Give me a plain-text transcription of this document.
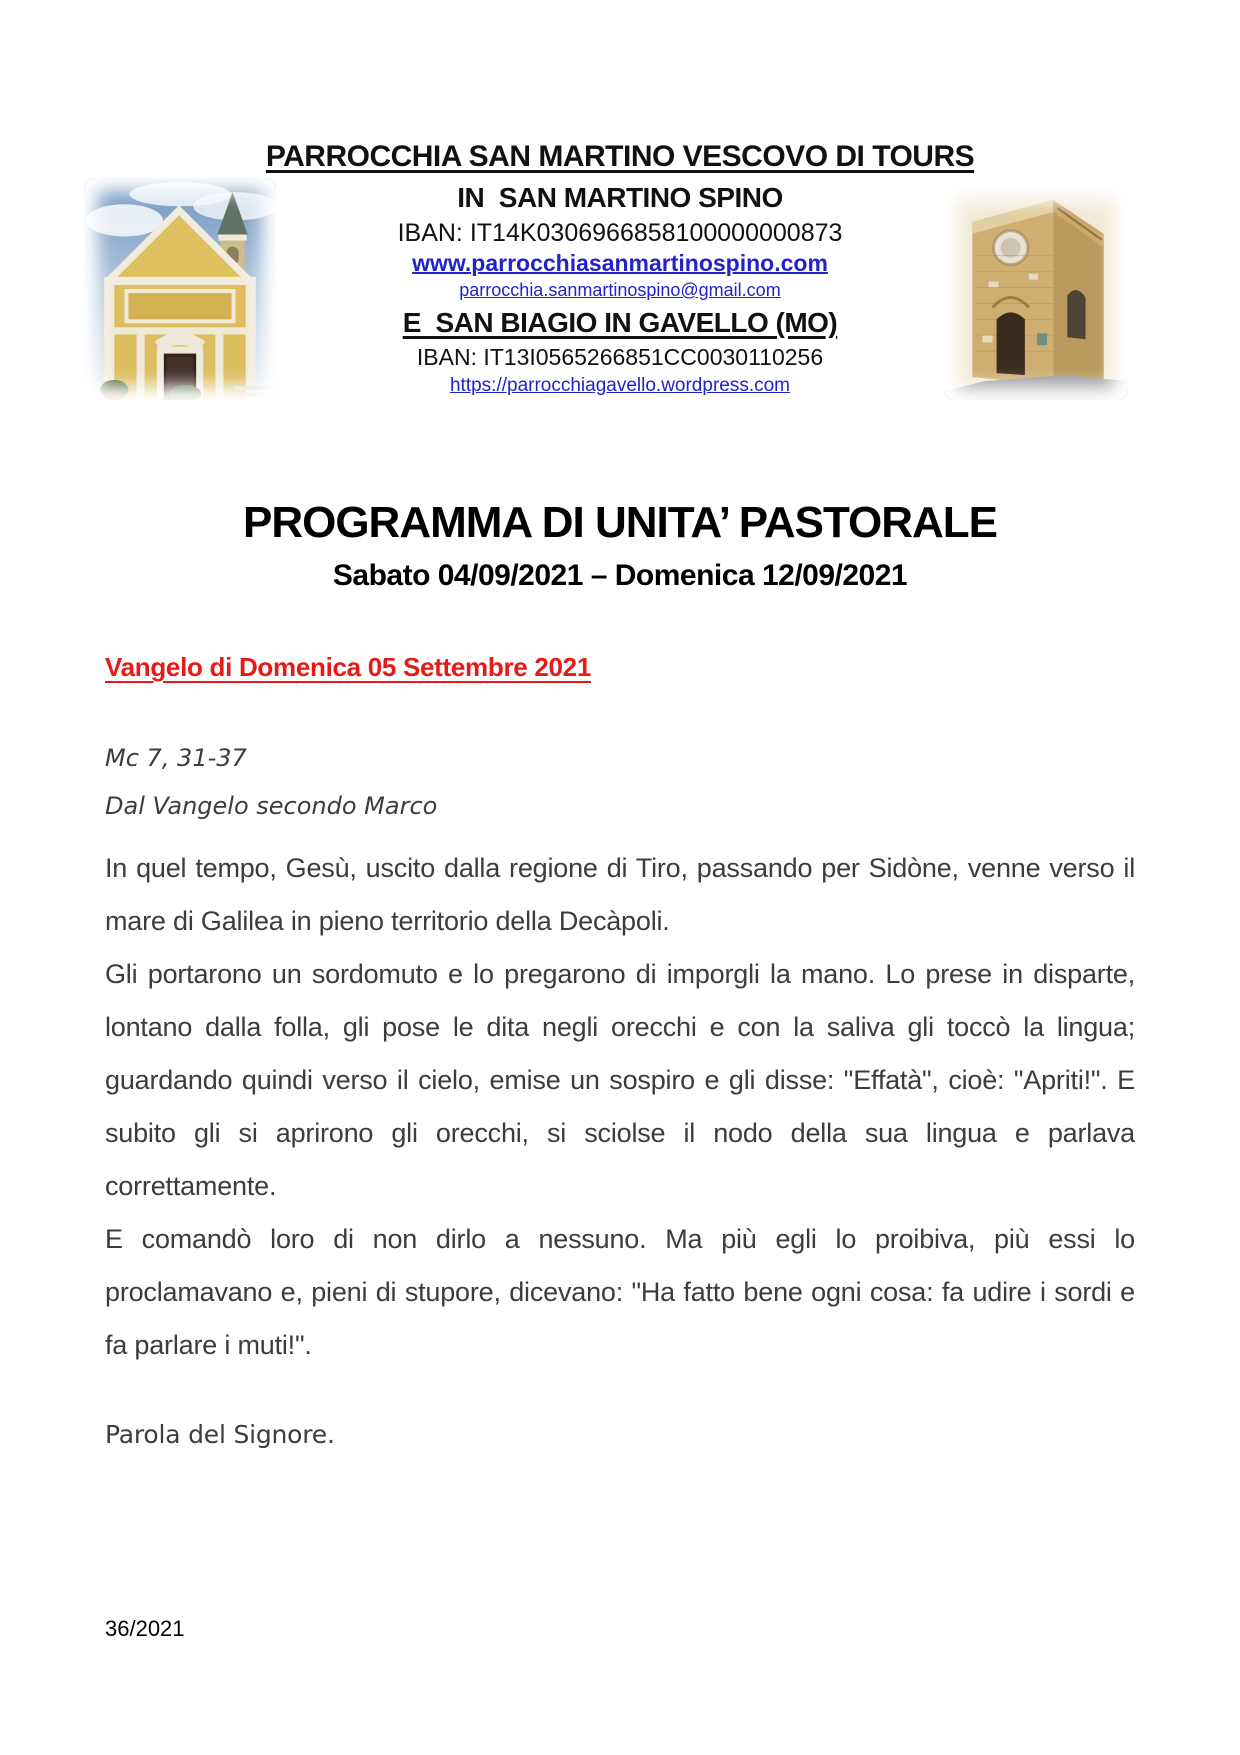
PARROCCHIA SAN MARTINO VESCOVO DI TOURS
IN  SAN MARTINO SPINO
IBAN: IT14K0306966858100000000873
www.parrocchiasanmartinospino.com
parrocchia.sanmartinospino@gmail.com
E  SAN BIAGIO IN GAVELLO (MO)
IBAN: IT13I0565266851CC0030110256
https://parrocchiagavello.wordpress.com
PROGRAMMA DI UNITA’ PASTORALE
Sabato 04/09/2021 – Domenica 12/09/2021
Vangelo di Domenica 05 Settembre 2021
Mc 7, 31-37
Dal Vangelo secondo Marco

In quel tempo, Gesù, uscito dalla regione di Tiro, passando per Sidòne, venne verso il mare di Galilea in pieno territorio della Decàpoli.

Gli portarono un sordomuto e lo pregarono di imporgli la mano. Lo prese in disparte, lontano dalla folla, gli pose le dita negli orecchi e con la saliva gli toccò la lingua; guardando quindi verso il cielo, emise un sospiro e gli disse: "Effatà", cioè: "Apriti!". E subito gli si aprirono gli orecchi, si sciolse il nodo della sua lingua e parlava correttamente.

E comandò loro di non dirlo a nessuno. Ma più egli lo proibiva, più essi lo proclamavano e, pieni di stupore, dicevano: "Ha fatto bene ogni cosa: fa udire i sordi e fa parlare i muti!".

Parola del Signore.

36/2021
